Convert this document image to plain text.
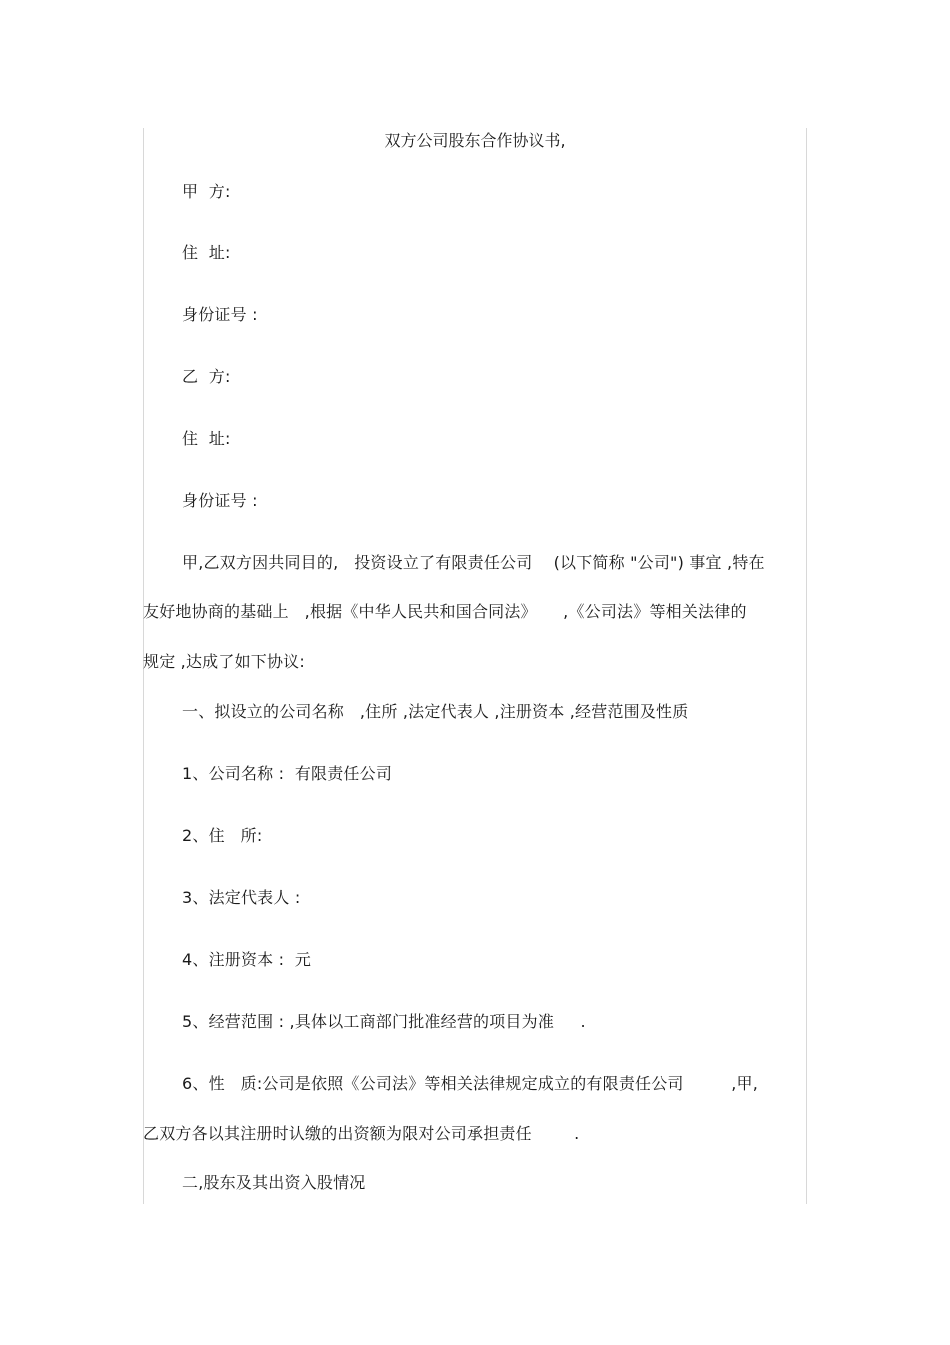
双方公司股东合作协议书,
甲  方:
住  址:
身份证号 :
乙  方:
住  址:
身份证号 :
甲,乙双方因共同目的,   投资设立了有限责任公司    (以下简称 "公司") 事宜 ,特在
友好地协商的基础上   ,根据《中华人民共和国合同法》     ,《公司法》等相关法律的
规定 ,达成了如下协议:
一、拟设立的公司名称   ,住所 ,法定代表人 ,注册资本 ,经营范围及性质
1、公司名称 :  有限责任公司
2、住   所:
3、法定代表人 :
4、注册资本 :  元
5、经营范围 : ,具体以工商部门批准经营的项目为准     .
6、性   质:公司是依照《公司法》等相关法律规定成立的有限责任公司         ,甲,
乙双方各以其注册时认缴的出资额为限对公司承担责任        .
二,股东及其出资入股情况
